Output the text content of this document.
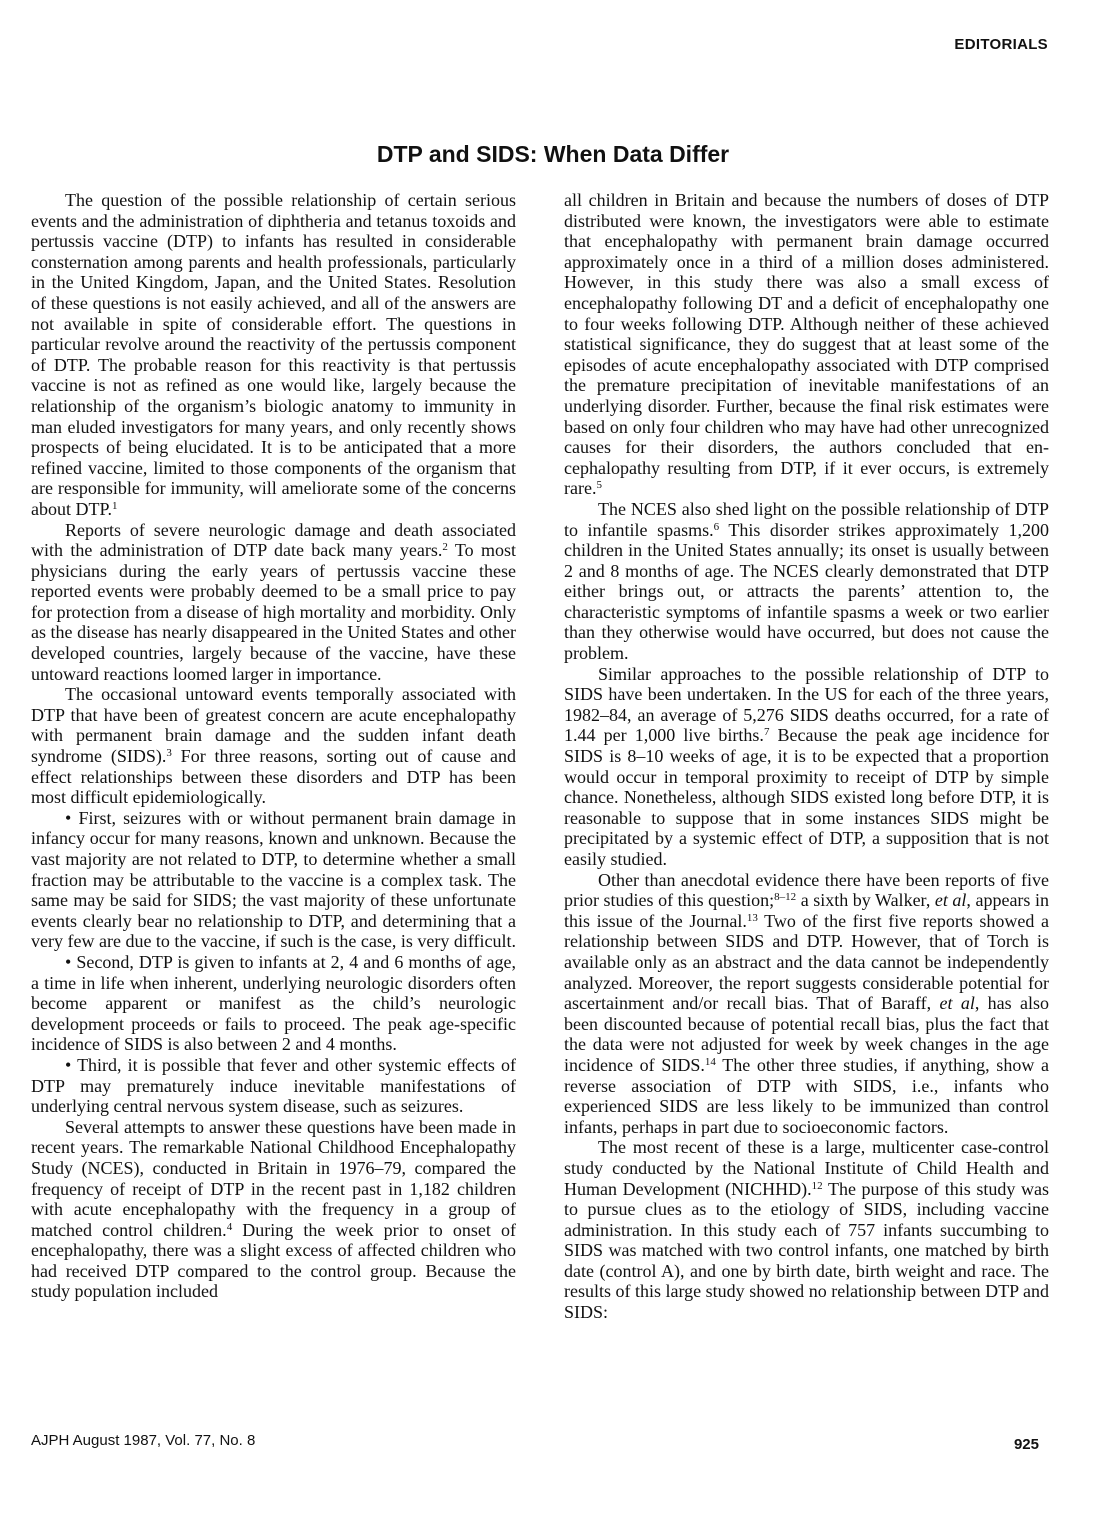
EDITORIALS
DTP and SIDS: When Data Differ

The question of the possible relationship of certain serious events and the administration of diphtheria and tetanus toxoids and pertussis vaccine (DTP) to infants has resulted in considerable consternation among parents and health professionals, particularly in the United Kingdom, Japan, and the United States. Resolution of these questions is not easily achieved, and all of the answers are not available in spite of considerable effort. The questions in particular revolve around the reactivity of the pertussis component of DTP. The probable reason for this reactivity is that pertussis vaccine is not as refined as one would like, largely because the relationship of the organism’s biologic anatomy to immunity in man eluded investigators for many years, and only recently shows prospects of being elucidated. It is to be anticipated that a more refined vaccine, limited to those components of the organism that are responsible for immunity, will ameliorate some of the concerns about DTP.$^1$

Reports of severe neurologic damage and death associated with the administration of DTP date back many years.$^2$ To most physicians during the early years of pertussis vaccine these reported events were probably deemed to be a small price to pay for protection from a disease of high mortality and morbidity. Only as the disease has nearly disappeared in the United States and other developed countries, largely because of the vaccine, have these untoward reactions loomed larger in importance.

The occasional untoward events temporally associated with DTP that have been of greatest concern are acute encephalopathy with permanent brain damage and the sudden infant death syndrome (SIDS).$^3$ For three reasons, sorting out of cause and effect relationships between these disorders and DTP has been most difficult epidemiologically.

• First, seizures with or without permanent brain damage in infancy occur for many reasons, known and unknown. Because the vast majority are not related to DTP, to determine whether a small fraction may be attributable to the vaccine is a complex task. The same may be said for SIDS; the vast majority of these unfortunate events clearly bear no relationship to DTP, and determining that a very few are due to the vaccine, if such is the case, is very difficult.

• Second, DTP is given to infants at 2, 4 and 6 months of age, a time in life when inherent, underlying neurologic disorders often become apparent or manifest as the child’s neurologic development proceeds or fails to proceed. The peak age-specific incidence of SIDS is also between 2 and 4 months.

• Third, it is possible that fever and other systemic effects of DTP may prematurely induce inevitable manifestations of underlying central nervous system disease, such as seizures.

Several attempts to answer these questions have been made in recent years. The remarkable National Childhood Encephalopathy Study (NCES), conducted in Britain in 1976–79, compared the frequency of receipt of DTP in the recent past in 1,182 children with acute encephalopathy with the frequency in a group of matched control children.$^4$ During the week prior to onset of encephalopathy, there was a slight excess of affected children who had received DTP compared to the control group. Because the study population included

all children in Britain and because the numbers of doses of DTP distributed were known, the investigators were able to estimate that encephalopathy with permanent brain damage occurred approximately once in a third of a million doses administered. However, in this study there was also a small excess of encephalopathy following DT and a deficit of encephalopathy one to four weeks following DTP. Although neither of these achieved statistical significance, they do suggest that at least some of the episodes of acute encephalopathy associated with DTP comprised the premature precipitation of inevitable manifestations of an underlying disorder. Further, because the final risk estimates were based on only four children who may have had other unrecognized causes for their disorders, the authors concluded that encephalopathy resulting from DTP, if it ever occurs, is extremely rare.$^5$

The NCES also shed light on the possible relationship of DTP to infantile spasms.$^6$ This disorder strikes approximately 1,200 children in the United States annually; its onset is usually between 2 and 8 months of age. The NCES clearly demonstrated that DTP either brings out, or attracts the parents’ attention to, the characteristic symptoms of infantile spasms a week or two earlier than they otherwise would have occurred, but does not cause the problem.

Similar approaches to the possible relationship of DTP to SIDS have been undertaken. In the US for each of the three years, 1982–84, an average of 5,276 SIDS deaths occurred, for a rate of 1.44 per 1,000 live births.$^7$ Because the peak age incidence for SIDS is 8–10 weeks of age, it is to be expected that a proportion would occur in temporal proximity to receipt of DTP by simple chance. Nonetheless, although SIDS existed long before DTP, it is reasonable to suppose that in some instances SIDS might be precipitated by a systemic effect of DTP, a supposition that is not easily studied.

Other than anecdotal evidence there have been reports of five prior studies of this question;$^{8-12}$ a sixth by Walker, et al, appears in this issue of the Journal.$^{13}$ Two of the first five reports showed a relationship between SIDS and DTP. However, that of Torch is available only as an abstract and the data cannot be independently analyzed. Moreover, the report suggests considerable potential for ascertainment and/or recall bias. That of Baraff, et al, has also been discounted because of potential recall bias, plus the fact that the data were not adjusted for week by week changes in the age incidence of SIDS.$^{14}$ The other three studies, if anything, show a reverse association of DTP with SIDS, i.e., infants who experienced SIDS are less likely to be immunized than control infants, perhaps in part due to socioeconomic factors.

The most recent of these is a large, multicenter case-control study conducted by the National Institute of Child Health and Human Development (NICHHD).$^{12}$ The purpose of this study was to pursue clues as to the etiology of SIDS, including vaccine administration. In this study each of 757 infants succumbing to SIDS was matched with two control infants, one matched by birth date (control A), and one by birth date, birth weight and race. The results of this large study showed no relationship between DTP and SIDS:

AJPH August 1987, Vol. 77, No. 8	925
